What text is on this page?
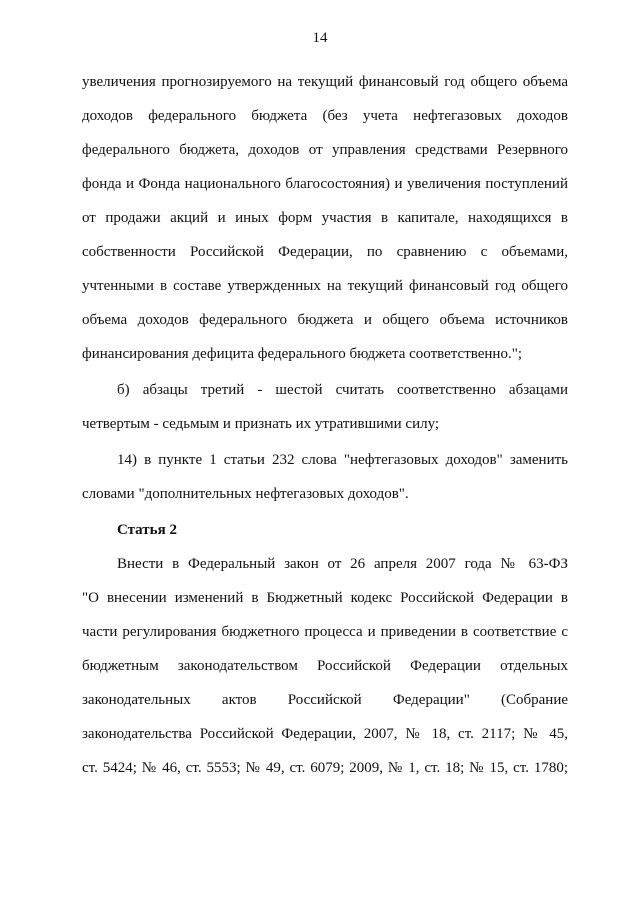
14
увеличения прогнозируемого на текущий финансовый год общего объема
доходов федерального бюджета (без учета нефтегазовых доходов
федерального бюджета, доходов от управления средствами Резервного
фонда и Фонда национального благосостояния) и увеличения поступлений
от продажи акций и иных форм участия в капитале, находящихся в
собственности Российской Федерации, по сравнению с объемами,
учтенными в составе утвержденных на текущий финансовый год общего
объема доходов федерального бюджета и общего объема источников
финансирования дефицита федерального бюджета соответственно.";
б) абзацы третий - шестой считать соответственно абзацами
четвертым - седьмым и признать их утратившими силу;
14) в пункте 1 статьи 232 слова "нефтегазовых доходов" заменить
словами "дополнительных нефтегазовых доходов".
Статья 2
Внести в Федеральный закон от 26 апреля 2007 года № 63-ФЗ
"О внесении изменений в Бюджетный кодекс Российской Федерации в
части регулирования бюджетного процесса и приведении в соответствие с
бюджетным законодательством Российской Федерации отдельных
законодательных актов Российской Федерации" (Собрание
законодательства Российской Федерации, 2007, № 18, ст. 2117; № 45,
ст. 5424; № 46, ст. 5553; № 49, ст. 6079; 2009, № 1, ст. 18; № 15, ст. 1780;
